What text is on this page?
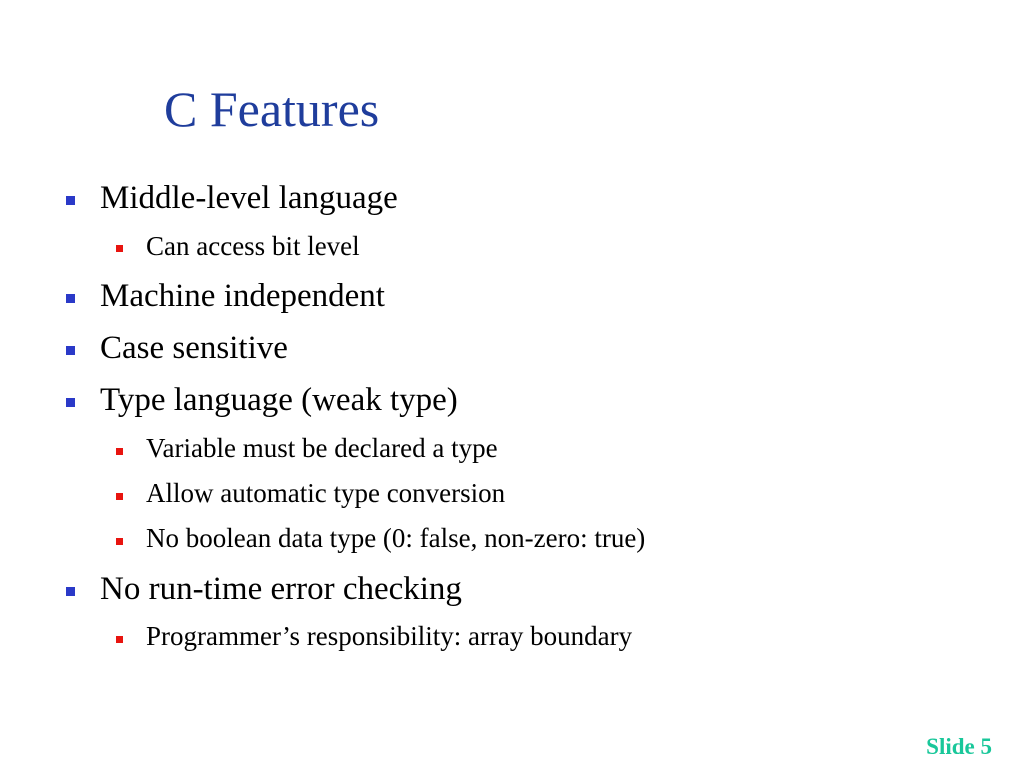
C Features
Middle-level language
Can access bit level
Machine independent
Case sensitive
Type language (weak type)
Variable must be declared a type
Allow automatic type conversion
No boolean data type (0: false, non-zero: true)
No run-time error checking
Programmer’s responsibility: array boundary
Slide 5
